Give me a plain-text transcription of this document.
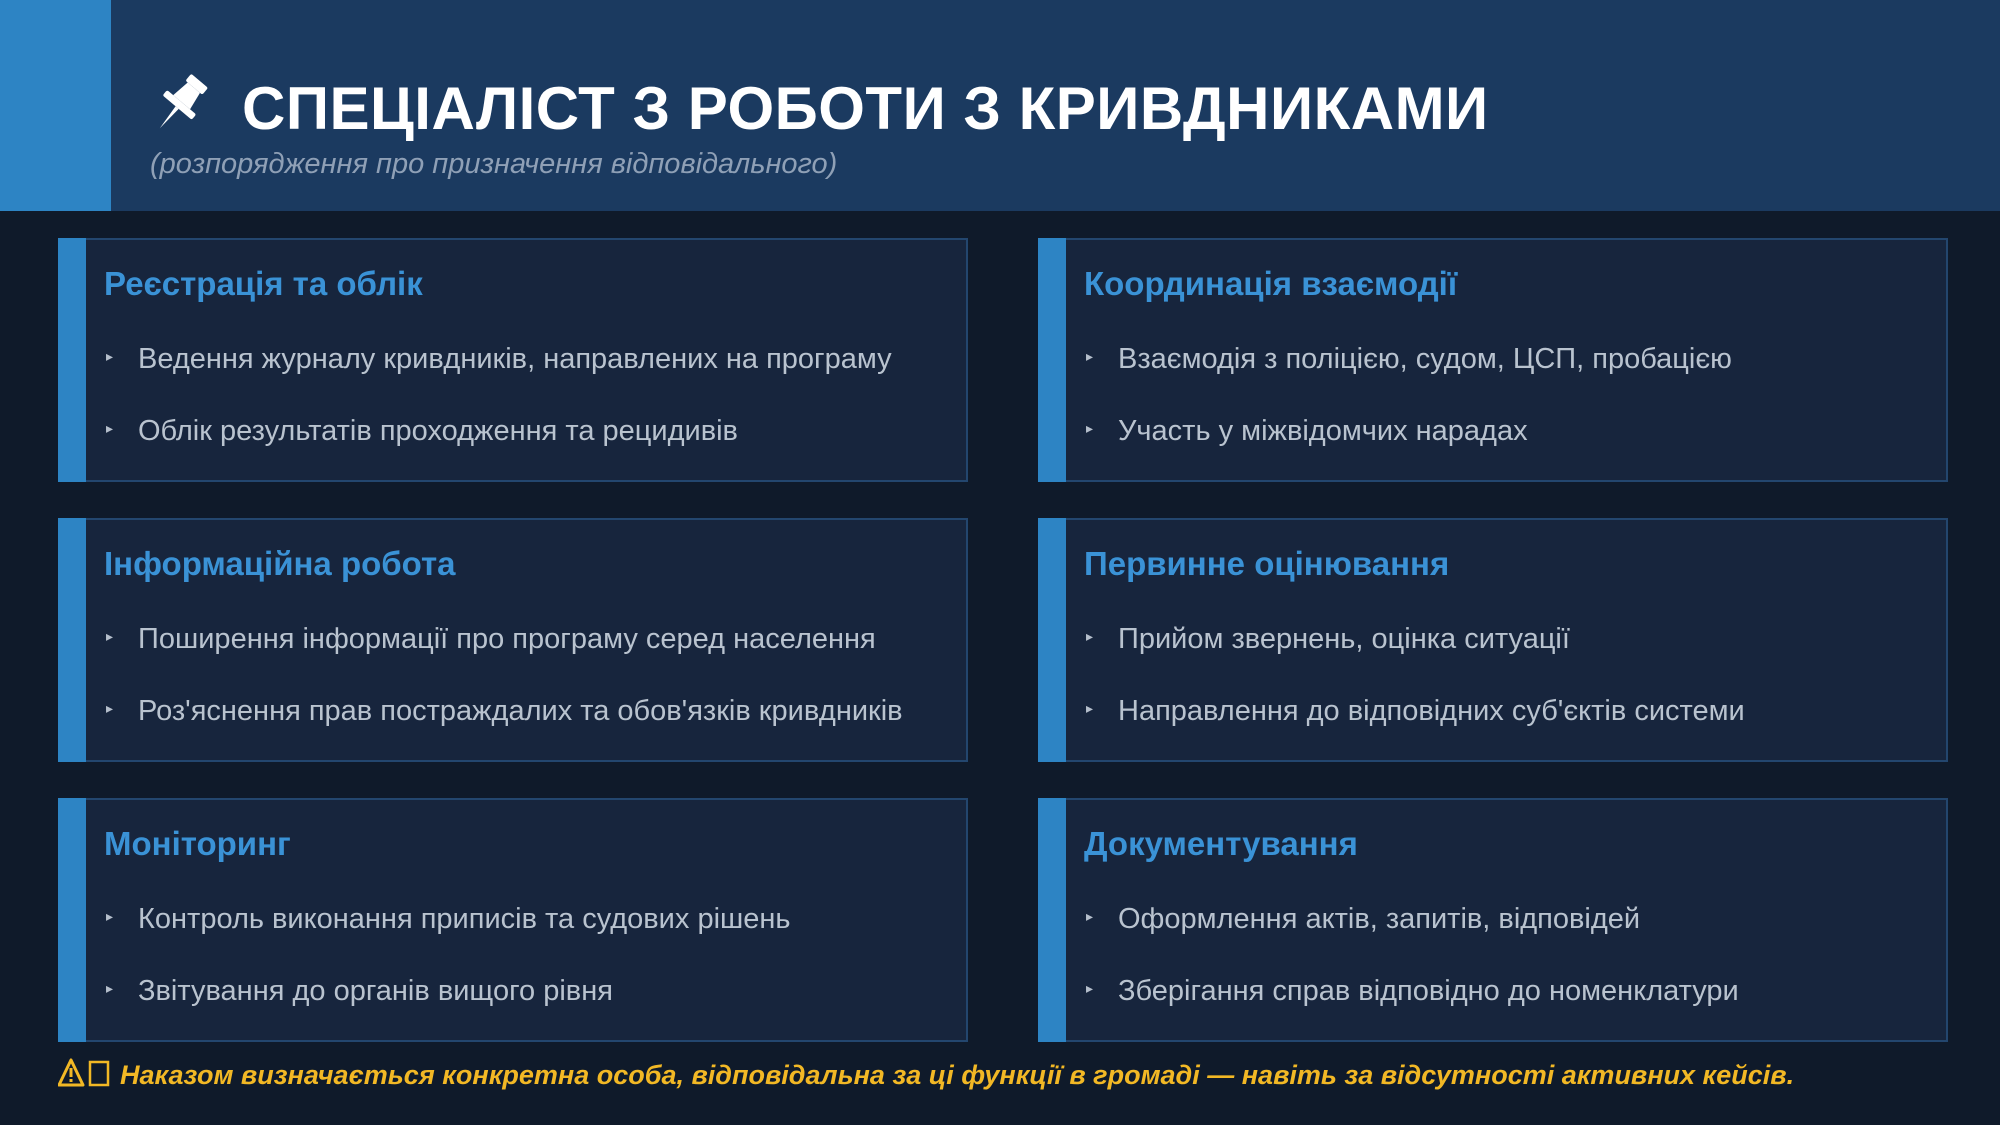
СПЕЦІАЛІСТ З РОБОТИ З КРИВДНИКАМИ
(розпорядження про призначення відповідального)
Реєстрація та облік
▸ Ведення журналу кривдників, направлених на програму
▸ Облік результатів проходження та рецидивів
Координація взаємодії
▸ Взаємодія з поліцією, судом, ЦСП, пробацією
▸ Участь у міжвідомчих нарадах
Інформаційна робота
▸ Поширення інформації про програму серед населення
▸ Роз'яснення прав постраждалих та обов'язків кривдників
Первинне оцінювання
▸ Прийом звернень, оцінка ситуації
▸ Направлення до відповідних суб'єктів системи
Моніторинг
▸ Контроль виконання приписів та судових рішень
▸ Звітування до органів вищого рівня
Документування
▸ Оформлення актів, запитів, відповідей
▸ Зберігання справ відповідно до номенклатури
Наказом визначається конкретна особа, відповідальна за ці функції в громаді — навіть за відсутності активних кейсів.
